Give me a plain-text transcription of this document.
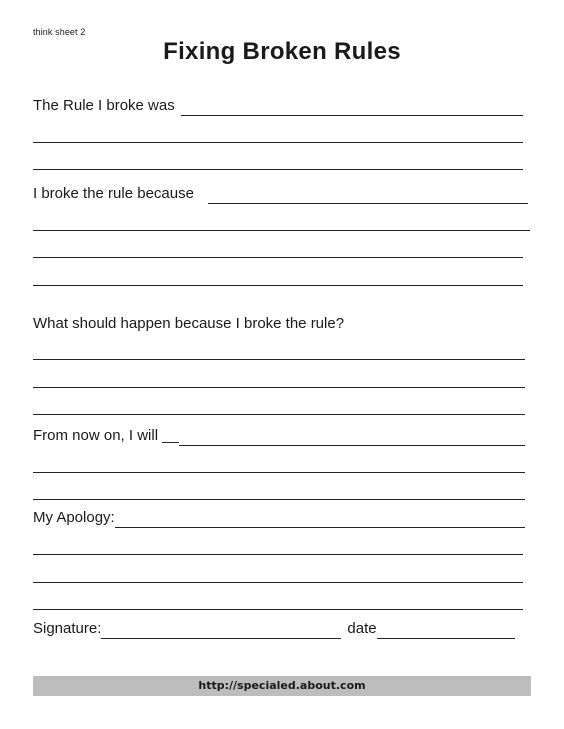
think sheet 2
Fixing Broken Rules
The Rule I broke was
I broke the rule because
What should happen because I broke the rule?
From now on, I will __
My Apology:
Signature:	date
http://specialed.about.com
